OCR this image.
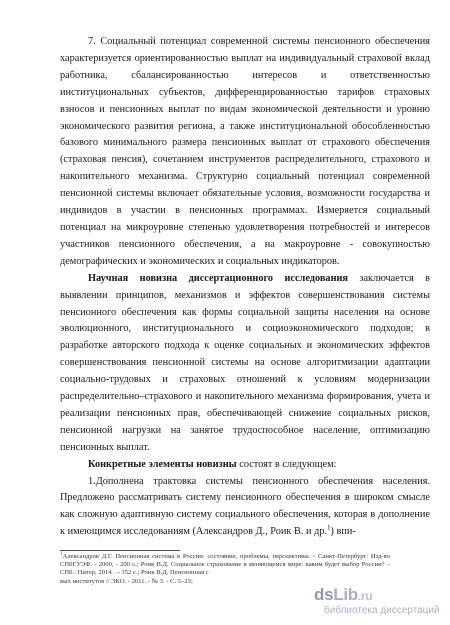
7. Социальный потенциал современной системы пенсионного обеспечения характеризуется ориентированностью выплат на индивидуальный страховой вклад работника, сбалансированностью интересов и ответственностью институциональных субъектов, дифференцированностью тарифов страховых взносов и пенсионных выплат по видам экономической деятельности и уровню экономического развития региона, а также институциональной обособленностью базового минимального размера пенсионных выплат от страхового обеспечения (страховая пенсия), сочетанием инструментов распределительного, страхового и накопительного механизма. Структурно социальный потенциал современной пенсионной системы включает обязательные условия, возможности государства и индивидов в участии в пенсионных программах. Измеряется социальный потенциал на микроуровне степенью удовлетворения потребностей и интересов участников пенсионного обеспечения, а на макроуровне - совокупностью демографических и экономических и социальных индикаторов.

Научная новизна диссертационного исследования заключается в выявлении принципов, механизмов и эффектов совершенствования системы пенсионного обеспечения как формы социальной защиты населения на основе эволюционного, институционального и социоэкономического подходов; в разработке авторского подхода к оценке социальных и экономических эффектов совершенствования пенсионной системы на основе алгоритмизации адаптации социально-трудовых и страховых отношений к условиям модернизации распределительно–страхового и накопительного механизма формирования, учета и реализации пенсионных прав, обеспечивающей снижение социальных рисков, пенсионной нагрузки на занятое трудоспособное население, оптимизацию пенсионных выплат.

Конкретные элементы новизны состоят в следующем:

1.Дополнена трактовка системы пенсионного обеспечения населения. Предложено рассматривать систему пенсионного обеспечения в широком смысле как сложную адаптивную систему социального обеспечения, которая в дополнение к имеющимся исследованиям (Александров Д., Роик В. и др.$^1$) впи-

$^1$Александров Д.Г. Пенсионная система в России: состояние, проблемы, перспективы. - Санкт-Петербург: Изд-во СПбГУЭФ. - 2000, - 200 с.; Роик В.Д. Социальное страхование в меняющемся мире: каким будет выбор России? – СПб.: Питер, 2014 . – 352 с.; Роик В.Д. Пенсионная с
вых институтов // ЭКО. - 2011. - № 3. - С. 5–23;
dsLib.ru
библиотека диссертаций
